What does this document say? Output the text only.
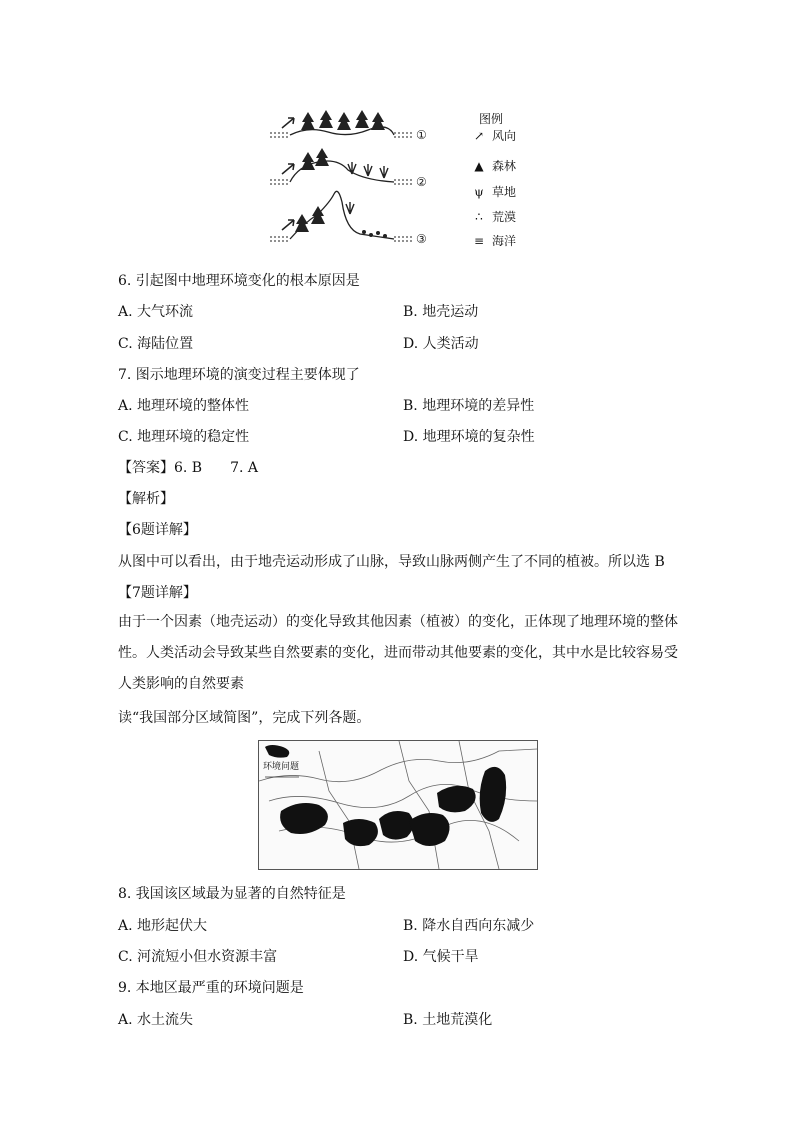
①
②
③
图例
↗ 风向
▲ 森林
ψ 草地
∴ 荒漠
≡ 海洋
6. 引起图中地理环境变化的根本原因是
A. 大气环流	B. 地壳运动
C. 海陆位置	D. 人类活动
7. 图示地理环境的演变过程主要体现了
A. 地理环境的整体性	B. 地理环境的差异性
C. 地理环境的稳定性	D. 地理环境的复杂性
【答案】6. B　　7. A
【解析】
【6题详解】
从图中可以看出，由于地壳运动形成了山脉，导致山脉两侧产生了不同的植被。所以选 B
【7题详解】
由于一个因素（地壳运动）的变化导致其他因素（植被）的变化，正体现了地理环境的整体性。人类活动会导致某些自然要素的变化，进而带动其他要素的变化，其中水是比较容易受人类影响的自然要素
读“我国部分区域简图”，完成下列各题。
环境问题
8. 我国该区域最为显著的自然特征是
A. 地形起伏大	B. 降水自西向东减少
C. 河流短小但水资源丰富	D. 气候干旱
9. 本地区最严重的环境问题是
A. 水土流失	B. 土地荒漠化
